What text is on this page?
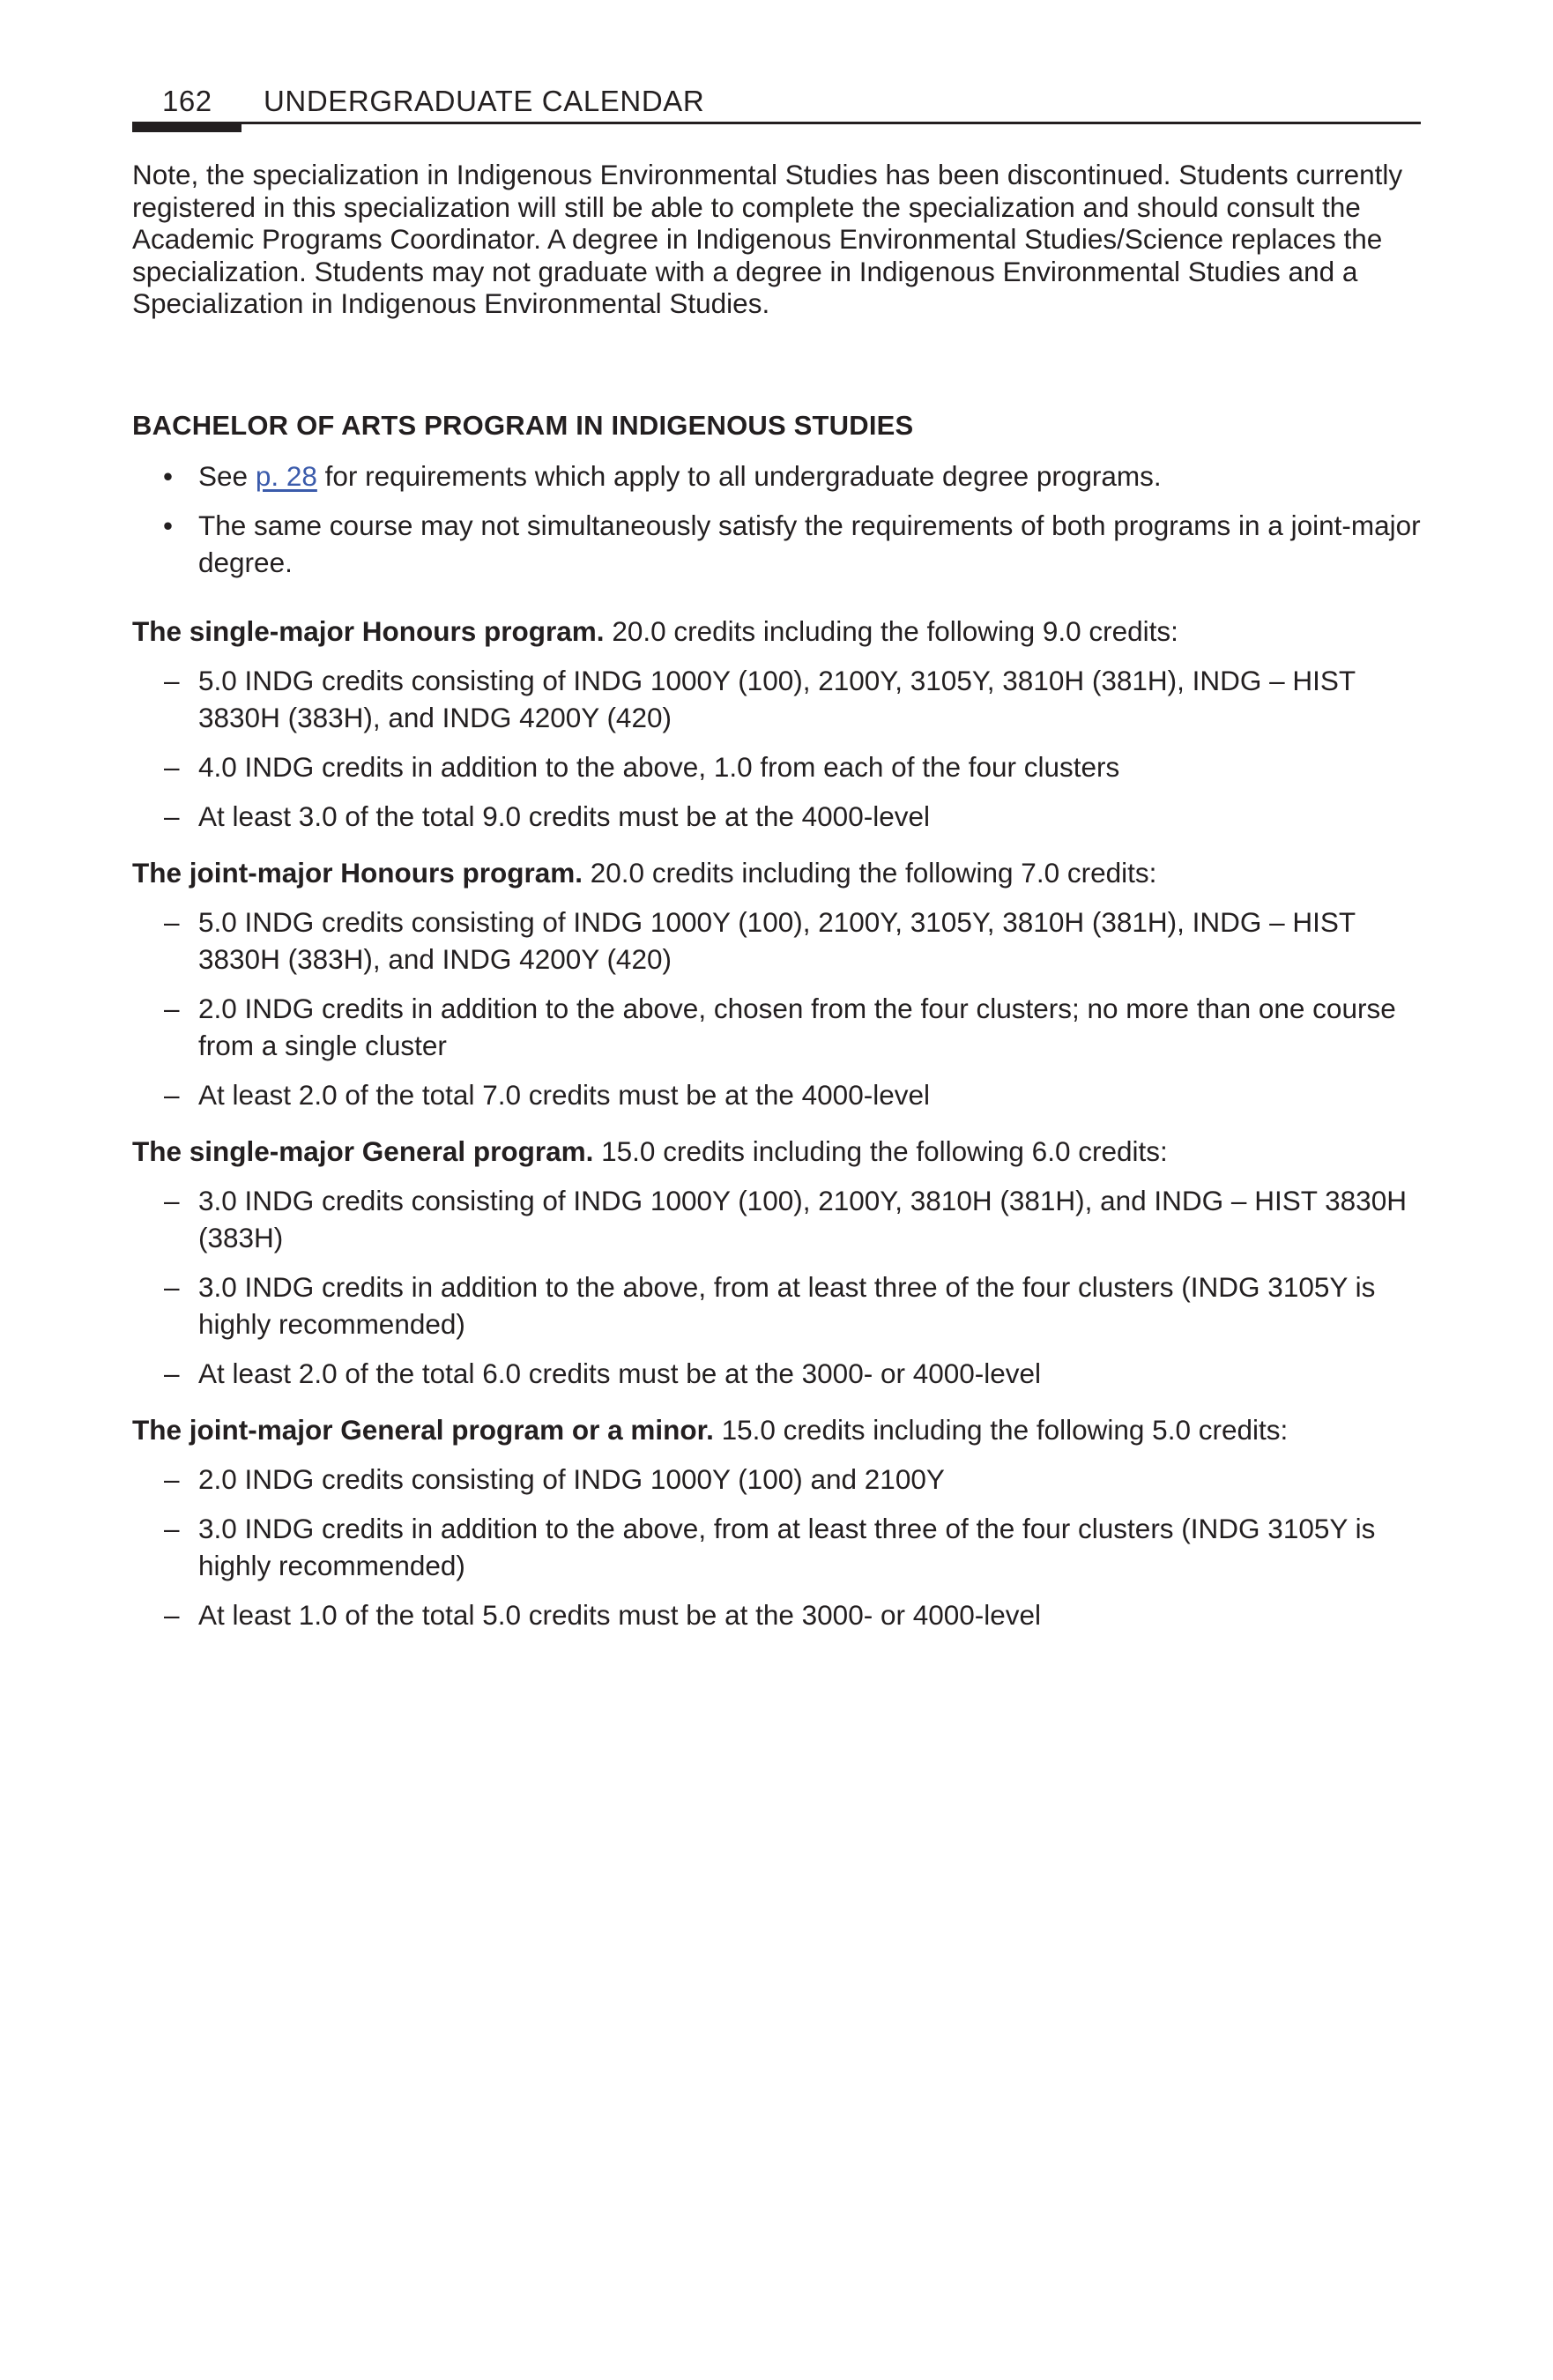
162 UNDERGRADUATE CALENDAR

Note, the specialization in Indigenous Environmental Studies has been discontinued. Students currently registered in this specialization will still be able to complete the specialization and should consult the Academic Programs Coordinator. A degree in Indigenous Environmental Studies/Science replaces the specialization. Students may not graduate with a degree in Indigenous Environmental Studies and a Specialization in Indigenous Environmental Studies.

BACHELOR OF ARTS PROGRAM IN INDIGENOUS STUDIES
• See p. 28 for requirements which apply to all undergraduate degree programs.
• The same course may not simultaneously satisfy the requirements of both programs in a joint-major degree.

The single-major Honours program. 20.0 credits including the following 9.0 credits:

– 5.0 INDG credits consisting of INDG 1000Y (100), 2100Y, 3105Y, 3810H (381H), INDG – HIST 3830H (383H), and INDG 4200Y (420)
– 4.0 INDG credits in addition to the above, 1.0 from each of the four clusters
– At least 3.0 of the total 9.0 credits must be at the 4000-level

The joint-major Honours program. 20.0 credits including the following 7.0 credits:

– 5.0 INDG credits consisting of INDG 1000Y (100), 2100Y, 3105Y, 3810H (381H), INDG – HIST 3830H (383H), and INDG 4200Y (420)
– 2.0 INDG credits in addition to the above, chosen from the four clusters; no more than one course from a single cluster
– At least 2.0 of the total 7.0 credits must be at the 4000-level

The single-major General program. 15.0 credits including the following 6.0 credits:

– 3.0 INDG credits consisting of INDG 1000Y (100), 2100Y, 3810H (381H), and INDG – HIST 3830H (383H)
– 3.0 INDG credits in addition to the above, from at least three of the four clusters (INDG 3105Y is highly recommended)
– At least 2.0 of the total 6.0 credits must be at the 3000- or 4000-level

The joint-major General program or a minor. 15.0 credits including the following 5.0 credits:

– 2.0 INDG credits consisting of INDG 1000Y (100) and 2100Y
– 3.0 INDG credits in addition to the above, from at least three of the four clusters (INDG 3105Y is highly recommended)
– At least 1.0 of the total 5.0 credits must be at the 3000- or 4000-level
